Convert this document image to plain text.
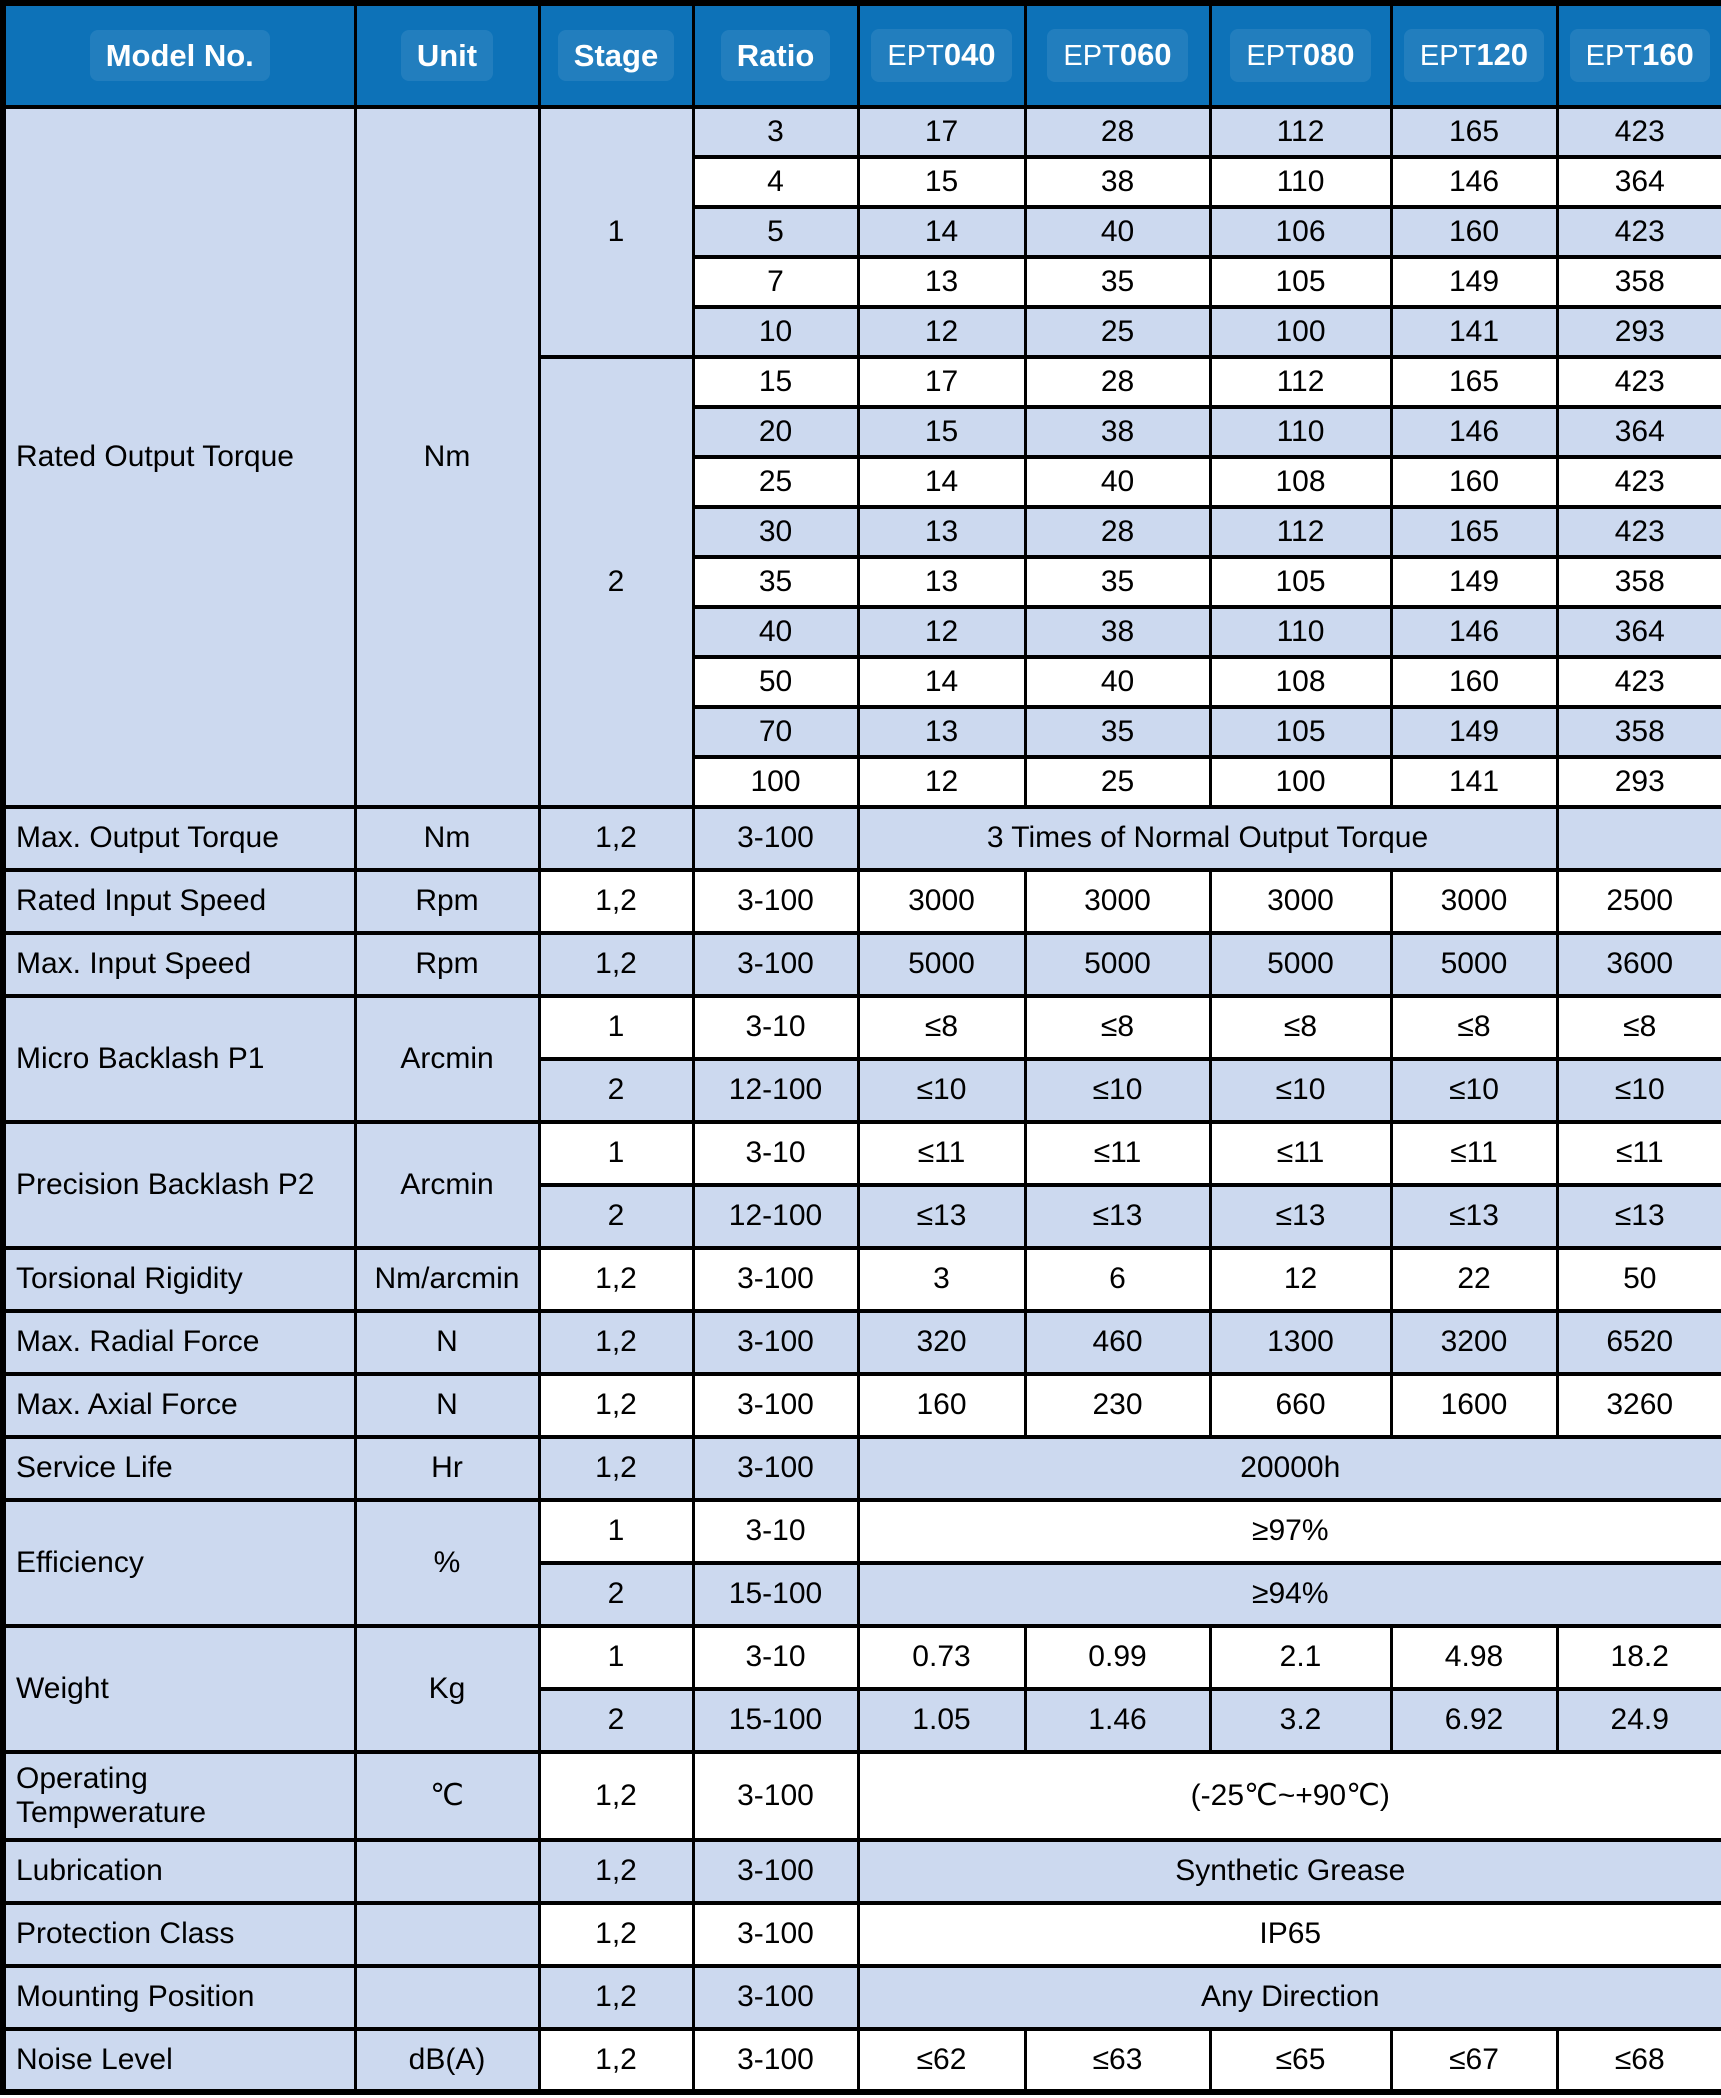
Model No.	Unit	Stage	Ratio	EPT040	EPT060	EPT080	EPT120	EPT160
Rated Output Torque	Nm	1	3	17	28	112	165	423
			4	15	38	110	146	364
			5	14	40	106	160	423
			7	13	35	105	149	358
			10	12	25	100	141	293
		2	15	17	28	112	165	423
			20	15	38	110	146	364
			25	14	40	108	160	423
			30	13	28	112	165	423
			35	13	35	105	149	358
			40	12	38	110	146	364
			50	14	40	108	160	423
			70	13	35	105	149	358
			100	12	25	100	141	293
Max. Output Torque	Nm	1,2	3-100	3 Times of Normal Output Torque				
Rated Input Speed	Rpm	1,2	3-100	3000	3000	3000	3000	2500
Max. Input Speed	Rpm	1,2	3-100	5000	5000	5000	5000	3600
Micro Backlash P1	Arcmin	1	3-10	≤8	≤8	≤8	≤8	≤8
		2	12-100	≤10	≤10	≤10	≤10	≤10
Precision Backlash P2	Arcmin	1	3-10	≤11	≤11	≤11	≤11	≤11
		2	12-100	≤13	≤13	≤13	≤13	≤13
Torsional Rigidity	Nm/arcmin	1,2	3-100	3	6	12	22	50
Max. Radial Force	N	1,2	3-100	320	460	1300	3200	6520
Max. Axial Force	N	1,2	3-100	160	230	660	1600	3260
Service Life	Hr	1,2	3-100	20000h				
Efficiency	%	1	3-10	≥97%				
		2	15-100	≥94%				
Weight	Kg	1	3-10	0.73	0.99	2.1	4.98	18.2
		2	15-100	1.05	1.46	3.2	6.92	24.9

Operating
Tempwerature	℃	1,2	3-100	(-25℃~+90℃)				
Lubrication		1,2	3-100	Synthetic Grease				
Protection Class		1,2	3-100	IP65				
Mounting Position		1,2	3-100	Any Direction				
Noise Level	dB(A)	1,2	3-100	≤62	≤63	≤65	≤67	≤68
